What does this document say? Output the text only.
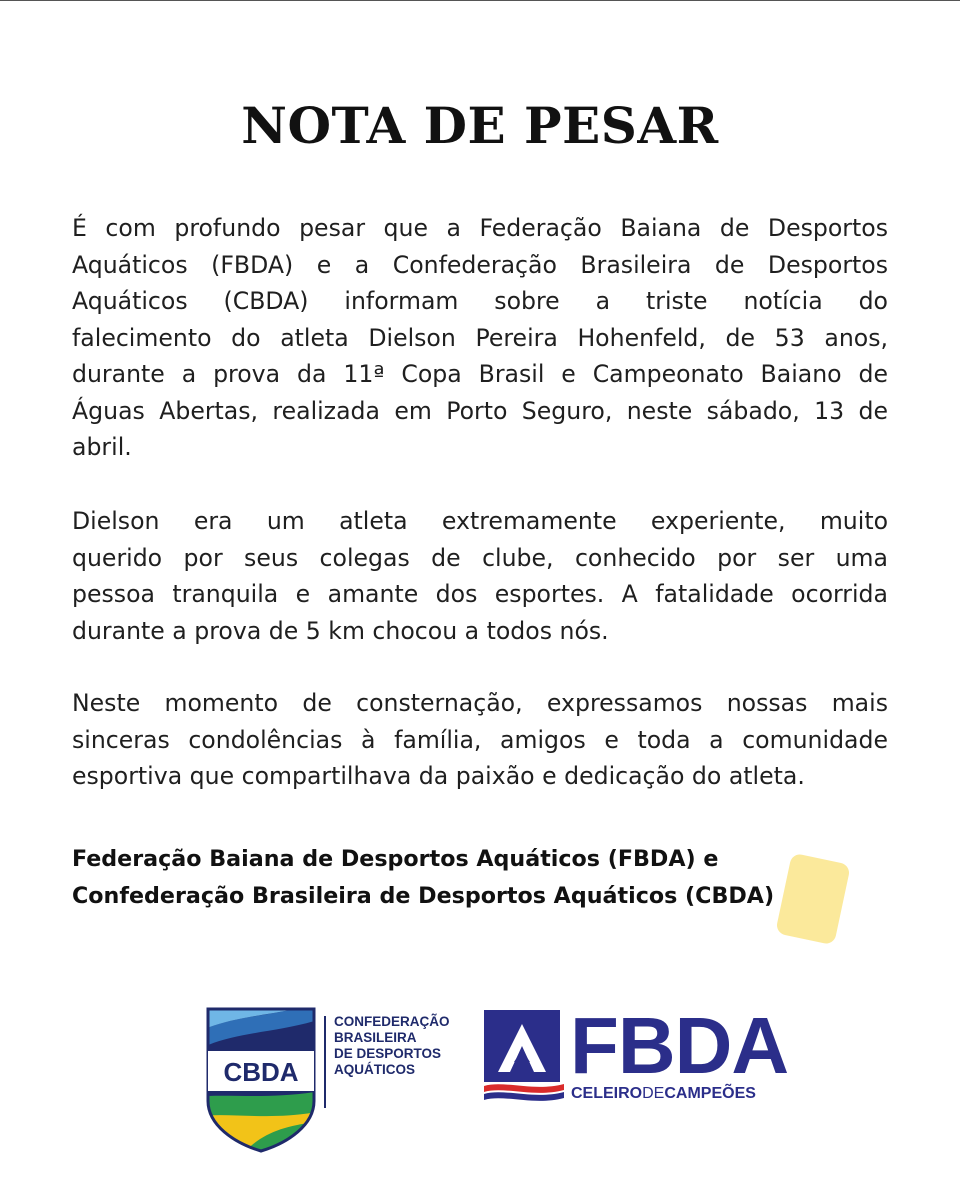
NOTA DE PESAR

É com profundo pesar que a Federação Baiana de Desportos
Aquáticos (FBDA) e a Confederação Brasileira de Desportos
Aquáticos (CBDA) informam sobre a triste notícia do
falecimento do atleta Dielson Pereira Hohenfeld, de 53 anos,
durante a prova da 11ª Copa Brasil e Campeonato Baiano de
Águas Abertas, realizada em Porto Seguro, neste sábado, 13 de
abril.

Dielson era um atleta extremamente experiente, muito
querido por seus colegas de clube, conhecido por ser uma
pessoa tranquila e amante dos esportes. A fatalidade ocorrida
durante a prova de 5 km chocou a todos nós.

Neste momento de consternação, expressamos nossas mais
sinceras condolências à família, amigos e toda a comunidade
esportiva que compartilhava da paixão e dedicação do atleta.

Federação Baiana de Desportos Aquáticos (FBDA) e
Confederação Brasileira de Desportos Aquáticos (CBDA)
CBDA
CONFEDERAÇÃO
BRASILEIRA
DE DESPORTOS
AQUÁTICOS	FBDA
CELEIRODECAMPEÕES
